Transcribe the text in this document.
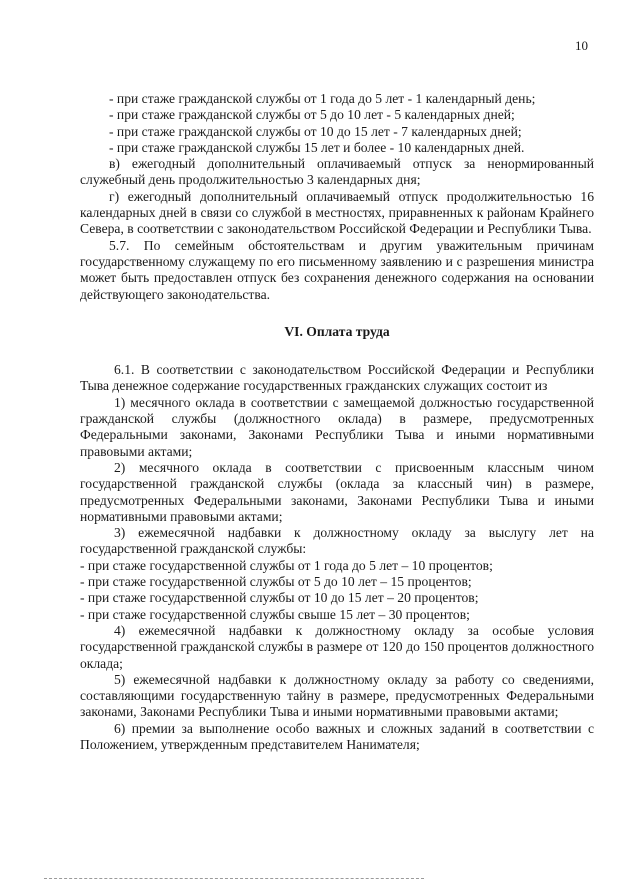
10

- при стаже гражданской службы от 1 года до 5 лет - 1 календарный день;

- при стаже гражданской службы от 5 до 10 лет - 5 календарных дней;

- при стаже гражданской службы от 10 до 15 лет - 7 календарных дней;

- при стаже гражданской службы 15 лет и более - 10 календарных дней.

в) ежегодный дополнительный оплачиваемый отпуск за ненормированный служебный день продолжительностью 3 календарных дня;

г) ежегодный дополнительный оплачиваемый отпуск продолжительностью 16 календарных дней в связи со службой в местностях, приравненных к районам Крайнего Севера, в соответствии с законодательством Российской Федерации и Республики Тыва.

5.7. По семейным обстоятельствам и другим уважительным причинам государственному служащему по его письменному заявлению и с разрешения министра может быть предоставлен отпуск без сохранения денежного содержания на основании действующего законодательства.

VI. Оплата труда

6.1. В соответствии с законодательством Российской Федерации и Республики Тыва денежное содержание государственных гражданских служащих состоит из

1) месячного оклада в соответствии с замещаемой должностью государственной гражданской службы (должностного оклада) в размере, предусмотренных Федеральными законами, Законами Республики Тыва и иными нормативными правовыми актами;

2) месячного оклада в соответствии с присвоенным классным чином государственной гражданской службы (оклада за классный чин) в размере, предусмотренных Федеральными законами, Законами Республики Тыва и иными нормативными правовыми актами;

3) ежемесячной надбавки к должностному окладу за выслугу лет на государственной гражданской службы:

- при стаже государственной службы от 1 года до 5 лет – 10 процентов;

- при стаже государственной службы от 5 до 10 лет – 15 процентов;

- при стаже государственной службы от 10 до 15 лет – 20 процентов;

- при стаже государственной службы свыше 15 лет – 30 процентов;

4) ежемесячной надбавки к должностному окладу за особые условия государственной гражданской службы в размере от 120 до 150 процентов должностного оклада;

5) ежемесячной надбавки к должностному окладу за работу со сведениями, составляющими государственную тайну в размере, предусмотренных Федеральными законами, Законами Республики Тыва и иными нормативными правовыми актами;

6) премии за выполнение особо важных и сложных заданий в соответствии с Положением, утвержденным представителем Нанимателя;
